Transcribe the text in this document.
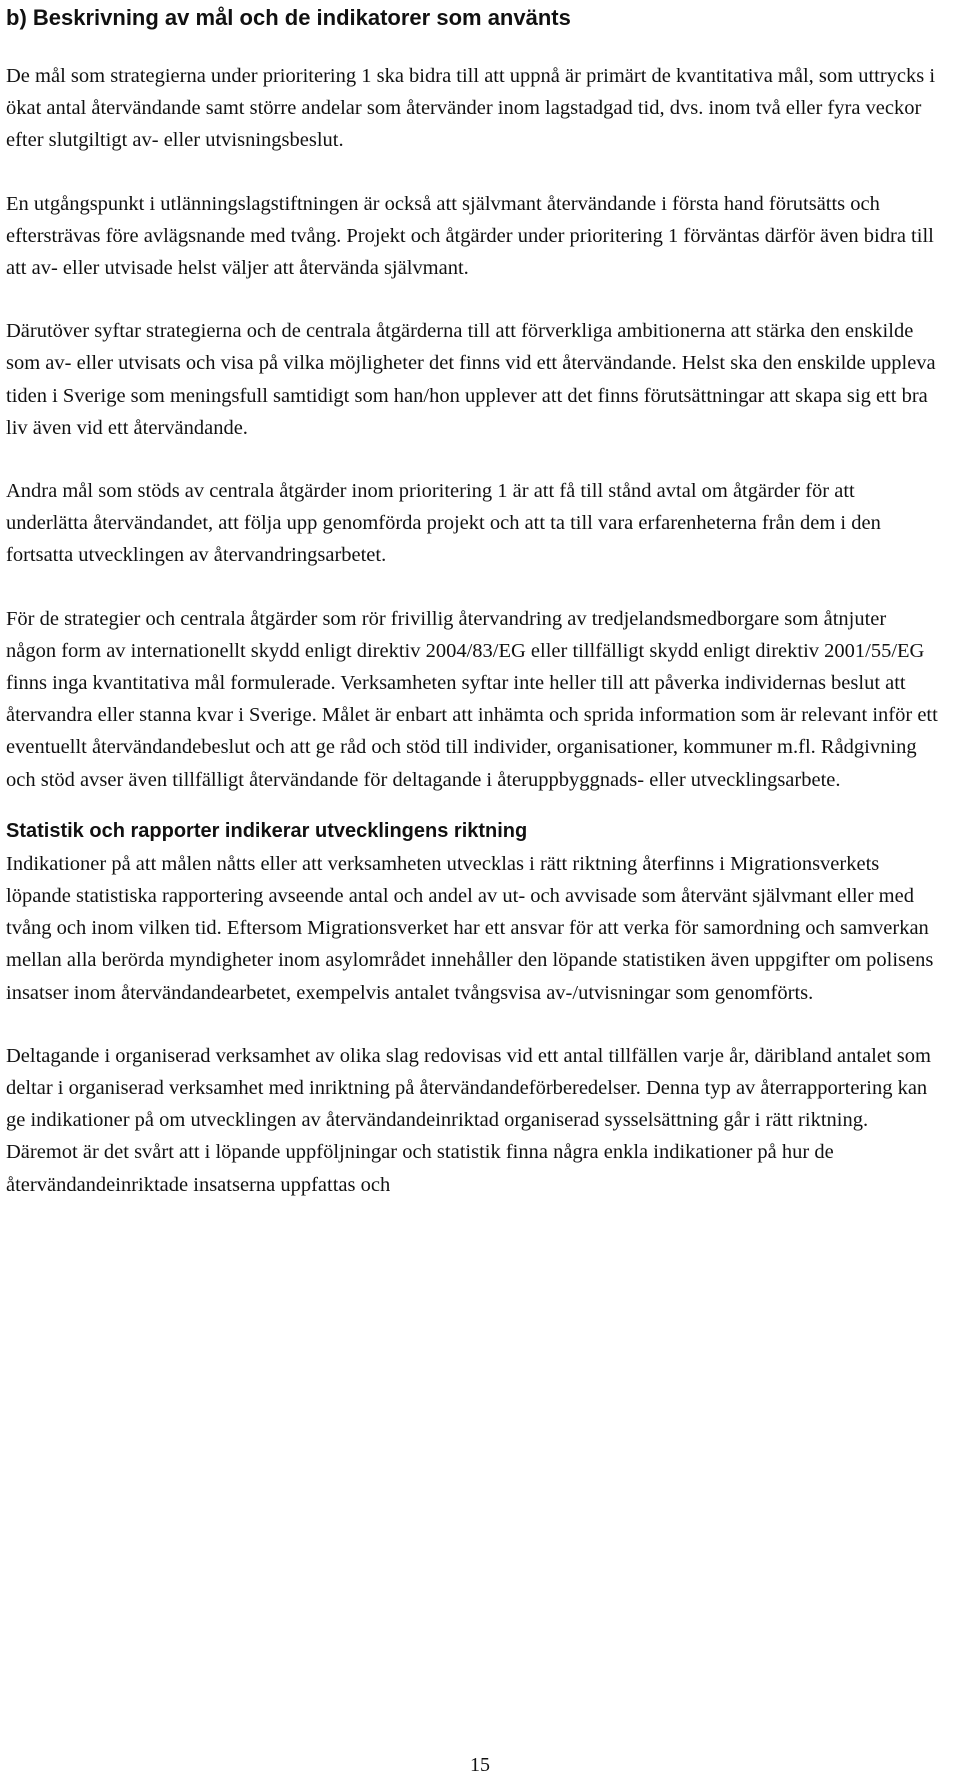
b) Beskrivning av mål och de indikatorer som använts

De mål som strategierna under prioritering 1 ska bidra till att uppnå är primärt de kvantitativa mål, som uttrycks i ökat antal återvändande samt större andelar som återvänder inom lagstadgad tid, dvs. inom två eller fyra veckor efter slutgiltigt av- eller utvisningsbeslut.

En utgångspunkt i utlänningslagstiftningen är också att självmant återvändande i första hand förutsätts och eftersträvas före avlägsnande med tvång. Projekt och åtgärder under prioritering 1 förväntas därför även bidra till att av- eller utvisade helst väljer att återvända självmant.

Därutöver syftar strategierna och de centrala åtgärderna till att förverkliga ambitionerna att stärka den enskilde som av- eller utvisats och visa på vilka möjligheter det finns vid ett återvändande. Helst ska den enskilde uppleva tiden i Sverige som meningsfull samtidigt som han/hon upplever att det finns förutsättningar att skapa sig ett bra liv även vid ett återvändande.

Andra mål som stöds av centrala åtgärder inom prioritering 1 är att få till stånd avtal om åtgärder för att underlätta återvändandet, att följa upp genomförda projekt och att ta till vara erfarenheterna från dem i den fortsatta utvecklingen av återvandringsarbetet.

För de strategier och centrala åtgärder som rör frivillig återvandring av tredjelandsmedborgare som åtnjuter någon form av internationellt skydd enligt direktiv 2004/83/EG eller tillfälligt skydd enligt direktiv 2001/55/EG finns inga kvantitativa mål formulerade. Verksamheten syftar inte heller till att påverka individernas beslut att återvandra eller stanna kvar i Sverige. Målet är enbart att inhämta och sprida information som är relevant inför ett eventuellt återvändandebeslut och att ge råd och stöd till individer, organisationer, kommuner m.fl. Rådgivning och stöd avser även tillfälligt återvändande för deltagande i återuppbyggnads- eller utvecklingsarbete.

Statistik och rapporter indikerar utvecklingens riktning

Indikationer på att målen nåtts eller att verksamheten utvecklas i rätt riktning återfinns i Migrationsverkets löpande statistiska rapportering avseende antal och andel av ut- och avvisade som återvänt självmant eller med tvång och inom vilken tid. Eftersom Migrationsverket har ett ansvar för att verka för samordning och samverkan mellan alla berörda myndigheter inom asylområdet innehåller den löpande statistiken även uppgifter om polisens insatser inom återvändandearbetet, exempelvis antalet tvångsvisa av-/utvisningar som genomförts.

Deltagande i organiserad verksamhet av olika slag redovisas vid ett antal tillfällen varje år, däribland antalet som deltar i organiserad verksamhet med inriktning på återvändandeförberedelser. Denna typ av återrapportering kan ge indikationer på om utvecklingen av återvändandeinriktad organiserad sysselsättning går i rätt riktning. Däremot är det svårt att i löpande uppföljningar och statistik finna några enkla indikationer på hur de återvändandeinriktade insatserna uppfattas och

15
